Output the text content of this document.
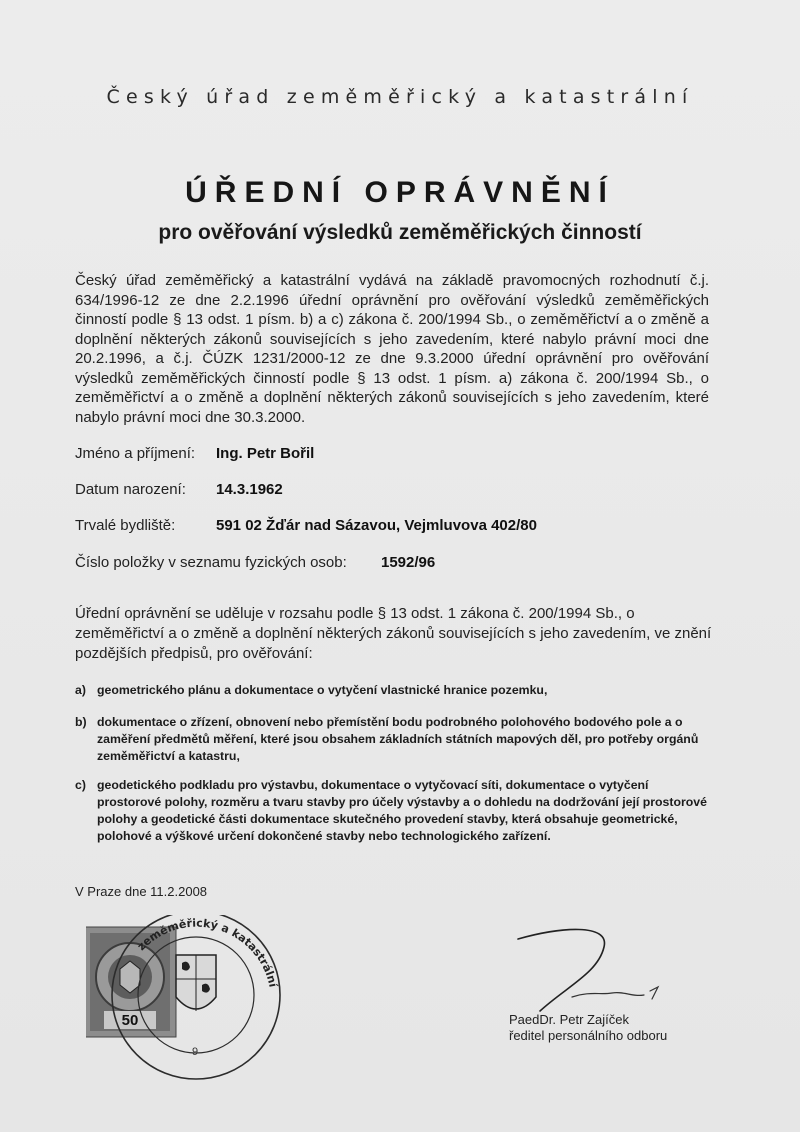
Český úřad zeměměřický a katastrální
ÚŘEDNÍ OPRÁVNĚNÍ
pro ověřování výsledků zeměměřických činností
Český úřad zeměměřický a katastrální vydává na základě pravomocných rozhodnutí č.j. 634/1996-12 ze dne 2.2.1996 úřední oprávnění pro ověřování výsledků zeměměřických činností podle § 13 odst. 1 písm. b) a c) zákona č. 200/1994 Sb., o zeměměřictví a o změně a doplnění některých zákonů souvisejících s jeho zavedením, které nabylo právní moci dne 20.2.1996, a č.j. ČÚZK 1231/2000-12 ze dne 9.3.2000 úřední oprávnění pro ověřování výsledků zeměměřických činností podle § 13 odst. 1 písm. a) zákona č. 200/1994 Sb., o zeměměřictví a o změně a doplnění některých zákonů souvisejících s jeho zavedením, které nabylo právní moci dne 30.3.2000.
Jméno a příjmení: Ing. Petr Bořil
Datum narození: 14.3.1962
Trvalé bydliště:	591 02 Žďár nad Sázavou, Vejmluvova 402/80
Číslo položky v seznamu fyzických osob: 1592/96
Úřední oprávnění se uděluje v rozsahu podle § 13 odst. 1 zákona č. 200/1994 Sb., o zeměměřictví a o změně a doplnění některých zákonů souvisejících s jeho zavedením, ve znění pozdějších předpisů, pro ověřování:
a) geometrického plánu a dokumentace o vytyčení vlastnické hranice pozemku,
b) dokumentace o zřízení, obnovení nebo přemístění bodu podrobného polohového bodového pole a o zaměření předmětů měření, které jsou obsahem základních státních mapových děl, pro potřeby orgánů zeměměřictví a katastru,
c) geodetického podkladu pro výstavbu, dokumentace o vytyčovací síti, dokumentace o vytyčení prostorové polohy, rozměru a tvaru stavby pro účely výstavby a o dohledu na dodržování její prostorové polohy a geodetické části dokumentace skutečného provedení stavby, která obsahuje geometrické, polohové a výškové určení dokončené stavby nebo technologického zařízení.
V Praze dne 11.2.2008
50
zeměměřický a katastrální
9
PaedDr. Petr Zajíček
ředitel personálního odboru
